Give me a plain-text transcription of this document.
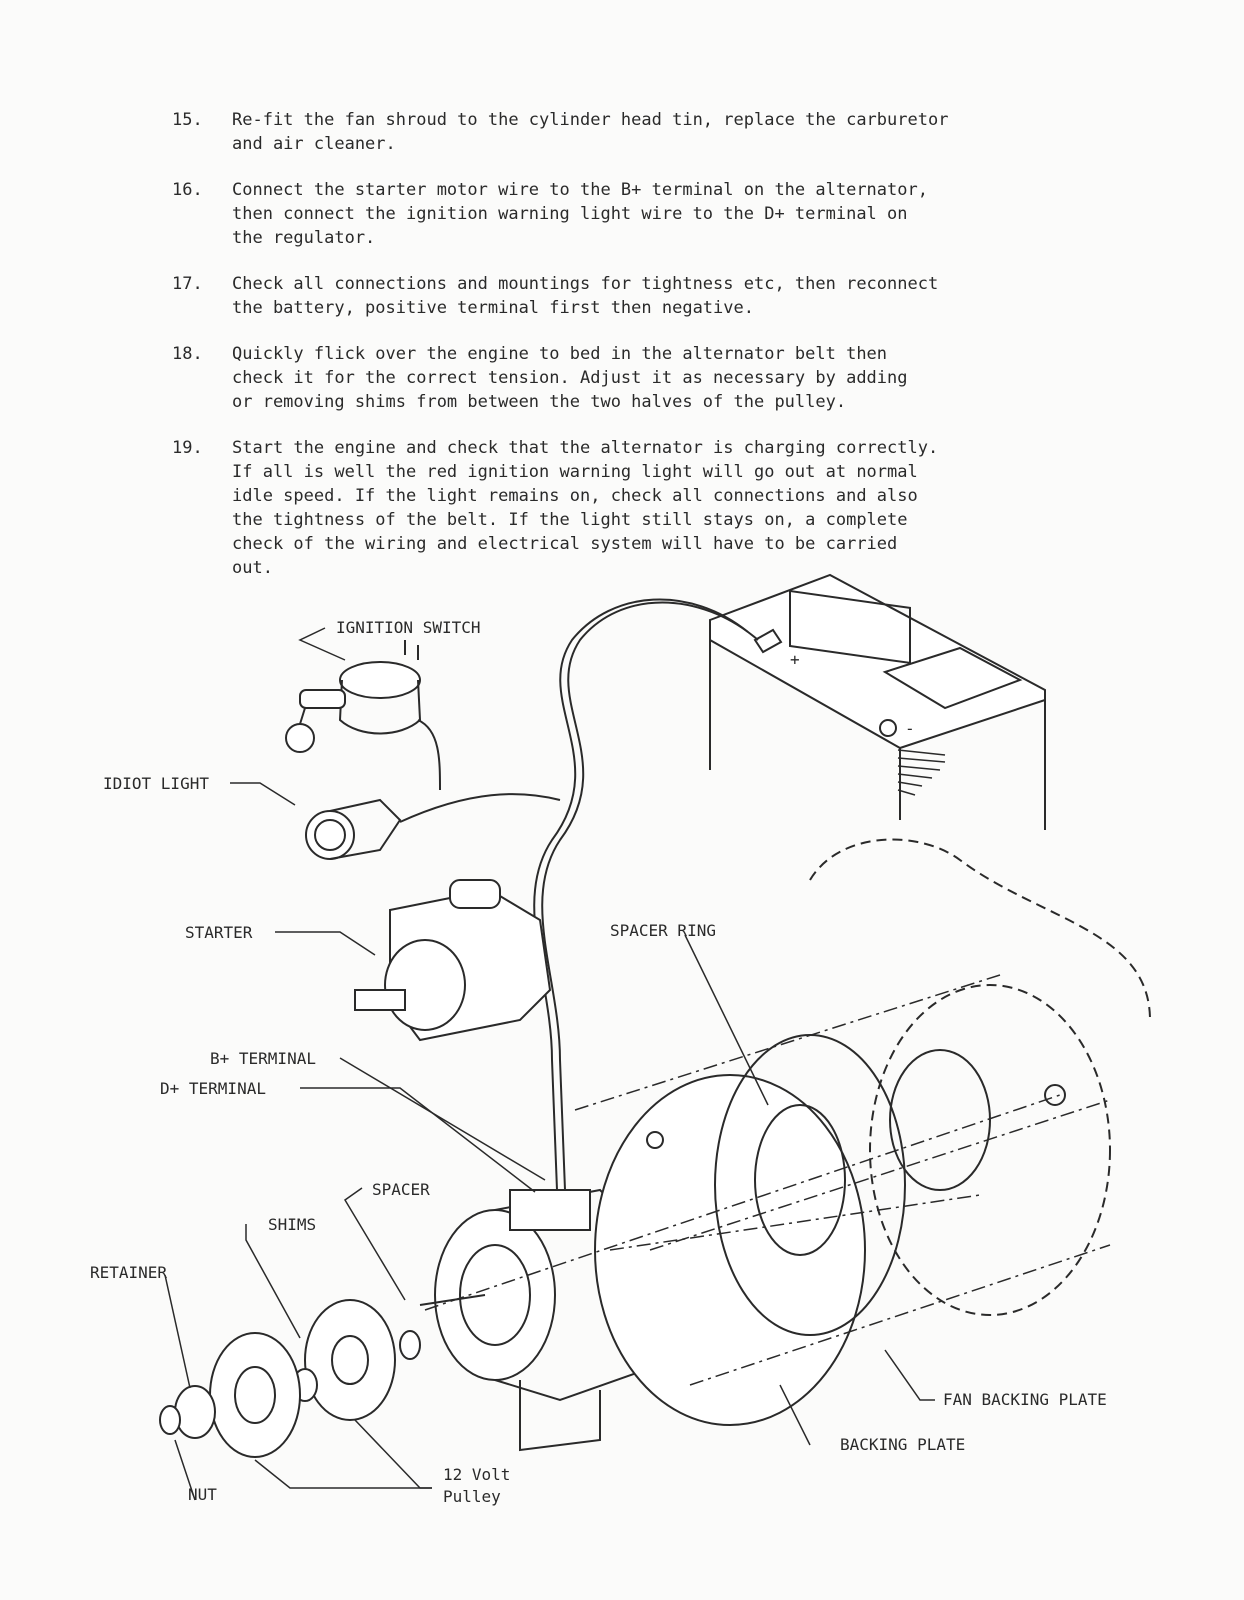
15.	Re-fit the fan shroud to the cylinder head tin, replace the carburetor
and air cleaner.
16.	Connect the starter motor wire to the B+ terminal on the alternator,
then connect the ignition warning light wire to the D+ terminal on
the regulator.
17.	Check all connections and mountings for tightness etc, then reconnect
the battery, positive terminal first then negative.
18.	Quickly flick over the engine to bed in the alternator belt then
check it for the correct tension. Adjust it as necessary by adding
or removing shims from between the two halves of the pulley.
19.	Start the engine and check that the alternator is charging correctly.
If all is well the red ignition warning light will go out at normal
idle speed. If the light remains on, check all connections and also
the tightness of the belt. If the light still stays on, a complete
check of the wiring and electrical system will have to be carried
out.
IGNITION SWITCH
IDIOT LIGHT
STARTER	SPACER RING
B+ TERMINAL
D+ TERMINAL
SPACER
SHIMS
RETAINER
NUT
12 Volt
Pulley
FAN BACKING PLATE
BACKING PLATE
+
-
